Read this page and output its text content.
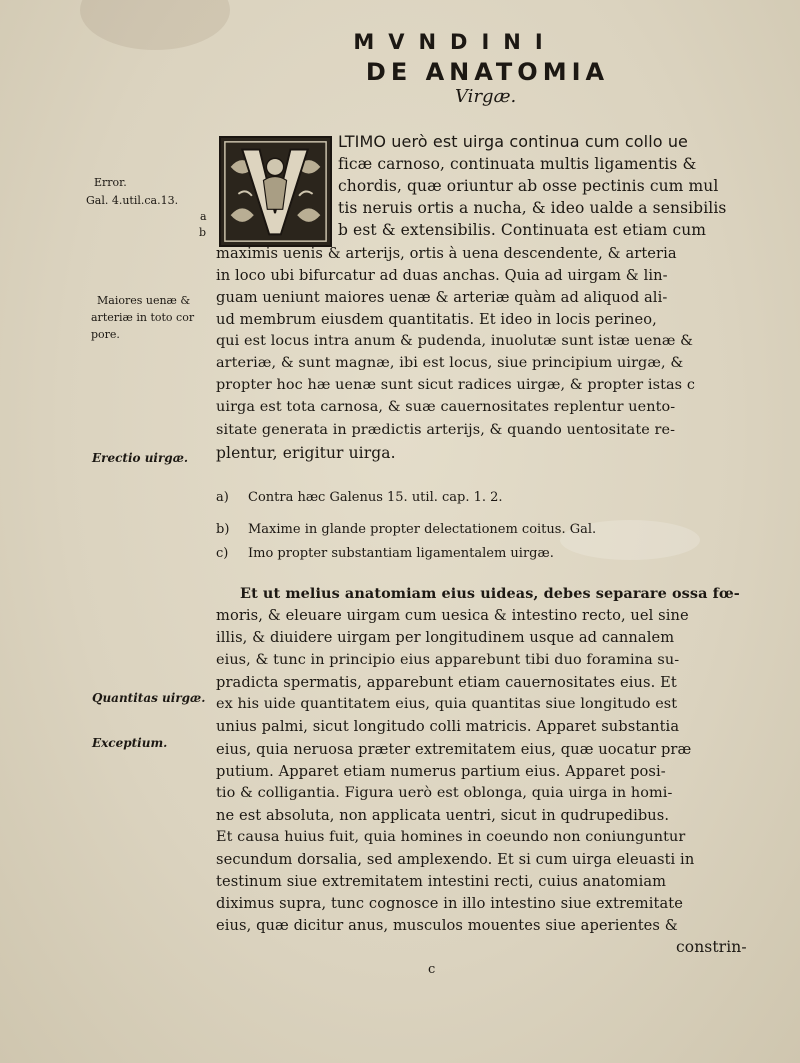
MVNDINI
DE ANATOMIA
Virgæ.
Error.
Gal. 4.util.ca.13.
a
b
Maiores uenæ &
arteriæ in toto cor
pore.
Erectio uirgæ.
Quantitas uirgæ.
Exceptium.
LTIMO uerò est uirga continua cum collo ue
ficæ carnoso, continuata multis ligamentis &
chordis, quæ oriuntur ab osse pectinis cum mul
tis neruis ortis a nucha, & ideo ualde a sensibilis
b est & extensibilis. Continuata est etiam cum
maximis uenis & arterijs, ortis à uena descendente, & arteria
in loco ubi bifurcatur ad duas anchas. Quia ad uirgam & lin-
guam ueniunt maiores uenæ & arteriæ quàm ad aliquod ali-
ud membrum eiusdem quantitatis. Et ideo in locis perineo,
qui est locus intra anum & pudenda, inuolutæ sunt istæ uenæ &
arteriæ, & sunt magnæ, ibi est locus, siue principium uirgæ, &
propter hoc hæ uenæ sunt sicut radices uirgæ, & propter istas c
uirga est tota carnosa, & suæ cauernositates replentur uento-
sitate generata in prædictis arterijs, & quando uentositate re-
plentur, erigitur uirga.
a) Contra hæc Galenus 15. util. cap. 1. 2.
b) Maxime in glande propter delectationem coitus. Gal.
c) Imo propter substantiam ligamentalem uirgæ.
Et ut melius anatomiam eius uideas, debes separare ossa fœ-
moris, & eleuare uirgam cum uesica & intestino recto, uel sine
illis, & diuidere uirgam per longitudinem usque ad cannalem
eius, & tunc in principio eius apparebunt tibi duo foramina su-
pradicta spermatis, apparebunt etiam cauernositates eius. Et
ex his uide quantitatem eius, quia quantitas siue longitudo est
unius palmi, sicut longitudo colli matricis. Apparet substantia
eius, quia neruosa præter extremitatem eius, quæ uocatur præ
putium. Apparet etiam numerus partium eius. Apparet posi-
tio & colligantia. Figura uerò est oblonga, quia uirga in homi-
ne est absoluta, non applicata uentri, sicut in qudrupedibus.
Et causa huius fuit, quia homines in coeundo non coniunguntur
secundum dorsalia, sed amplexendo. Et si cum uirga eleuasti in
testinum siue extremitatem intestini recti, cuius anatomiam
diximus supra, tunc cognosce in illo intestino siue extremitate
eius, quæ dicitur anus, musculos mouentes siue aperientes &
constrin-
c
